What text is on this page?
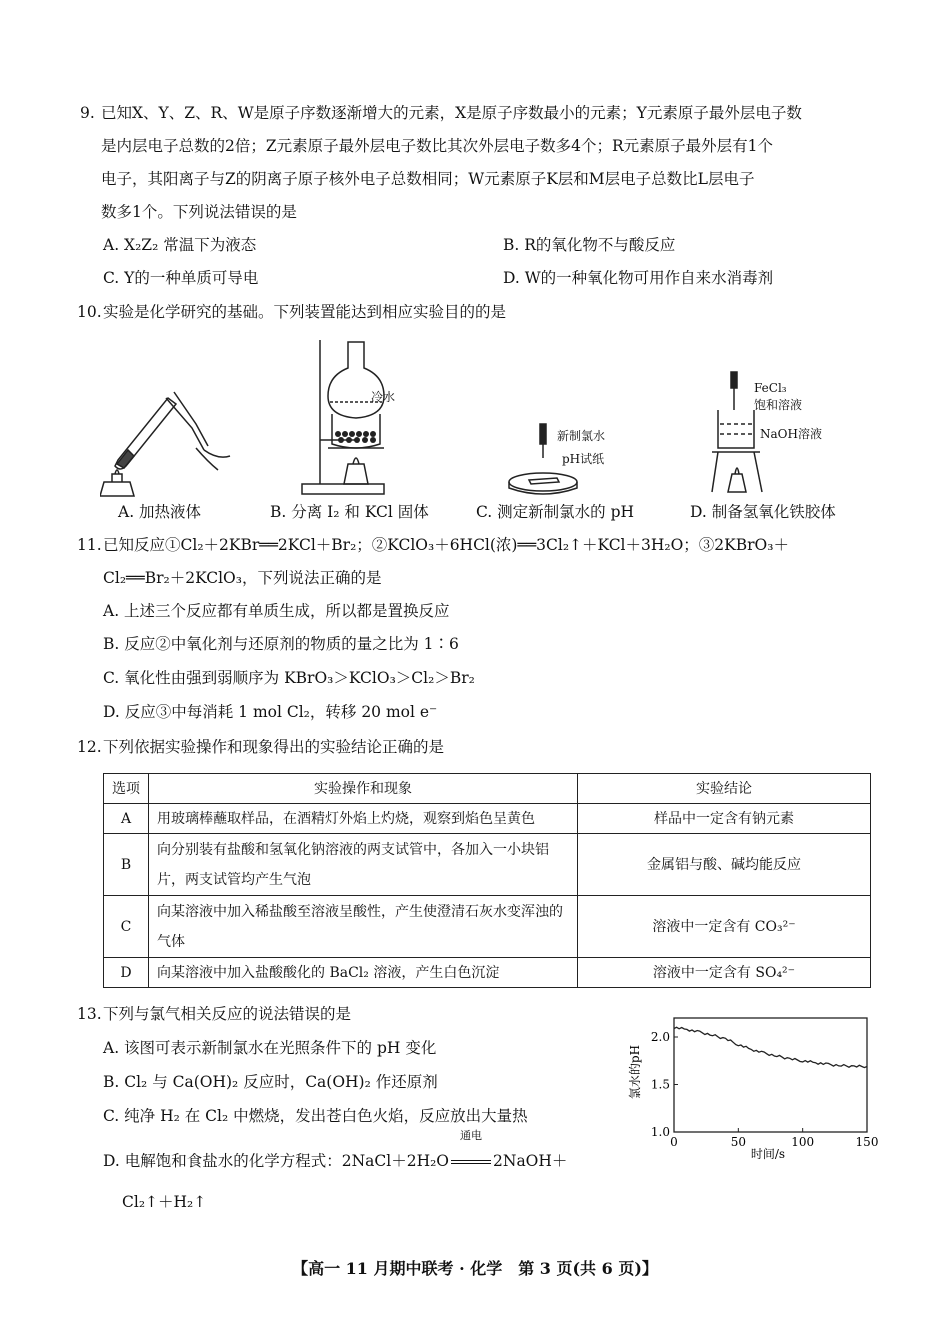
9. 已知X、Y、Z、R、W是原子序数逐渐增大的元素，X是原子序数最小的元素；Y元素原子最外层电子数
是内层电子总数的2倍；Z元素原子最外层电子数比其次外层电子数多4个；R元素原子最外层有1个
电子，其阳离子与Z的阴离子原子核外电子总数相同；W元素原子K层和M层电子总数比L层电子
数多1个。下列说法错误的是
A. X₂Z₂ 常温下为液态	B. R的氧化物不与酸反应
C. Y的一种单质可导电	D. W的一种氧化物可用作自来水消毒剂
10. 实验是化学研究的基础。下列装置能达到相应实验目的的是
冷水
新制氯水
pH试纸
FeCl₃
饱和溶液
NaOH溶液
A. 加热液体	B. 分离 I₂ 和 KCl 固体	C. 测定新制氯水的 pH	D. 制备氢氧化铁胶体
11. 已知反应①Cl₂＋2KBr══2KCl＋Br₂；②KClO₃＋6HCl(浓)══3Cl₂↑＋KCl＋3H₂O；③2KBrO₃＋
Cl₂══Br₂＋2KClO₃，下列说法正确的是
A. 上述三个反应都有单质生成，所以都是置换反应
B. 反应②中氧化剂与还原剂的物质的量之比为 1∶6
C. 氧化性由强到弱顺序为 KBrO₃＞KClO₃＞Cl₂＞Br₂
D. 反应③中每消耗 1 mol Cl₂，转移 20 mol e⁻
12. 下列依据实验操作和现象得出的实验结论正确的是
选项	实验操作和现象	实验结论
A	用玻璃棒蘸取样品，在酒精灯外焰上灼烧，观察到焰色呈黄色	样品中一定含有钠元素
B	向分别装有盐酸和氢氧化钠溶液的两支试管中，各加入一小块铝片，两支试管均产生气泡	金属铝与酸、碱均能反应
C	向某溶液中加入稀盐酸至溶液呈酸性，产生使澄清石灰水变浑浊的气体	溶液中一定含有 CO₃²⁻
D	向某溶液中加入盐酸酸化的 BaCl₂ 溶液，产生白色沉淀	溶液中一定含有 SO₄²⁻
13. 下列与氯气相关反应的说法错误的是
A. 该图可表示新制氯水在光照条件下的 pH 变化
B. Cl₂ 与 Ca(OH)₂ 反应时，Ca(OH)₂ 作还原剂
C. 纯净 H₂ 在 Cl₂ 中燃烧，发出苍白色火焰，反应放出大量热
D. 电解饱和食盐水的化学方程式：2NaCl＋2H₂O
通电
2NaOH＋
Cl₂↑＋H₂↑
氯水的pH
1.0
1.5
2.0
0	50	100	150
时间/s
【高一 11 月期中联考 · 化学　第 3 页(共 6 页)】
